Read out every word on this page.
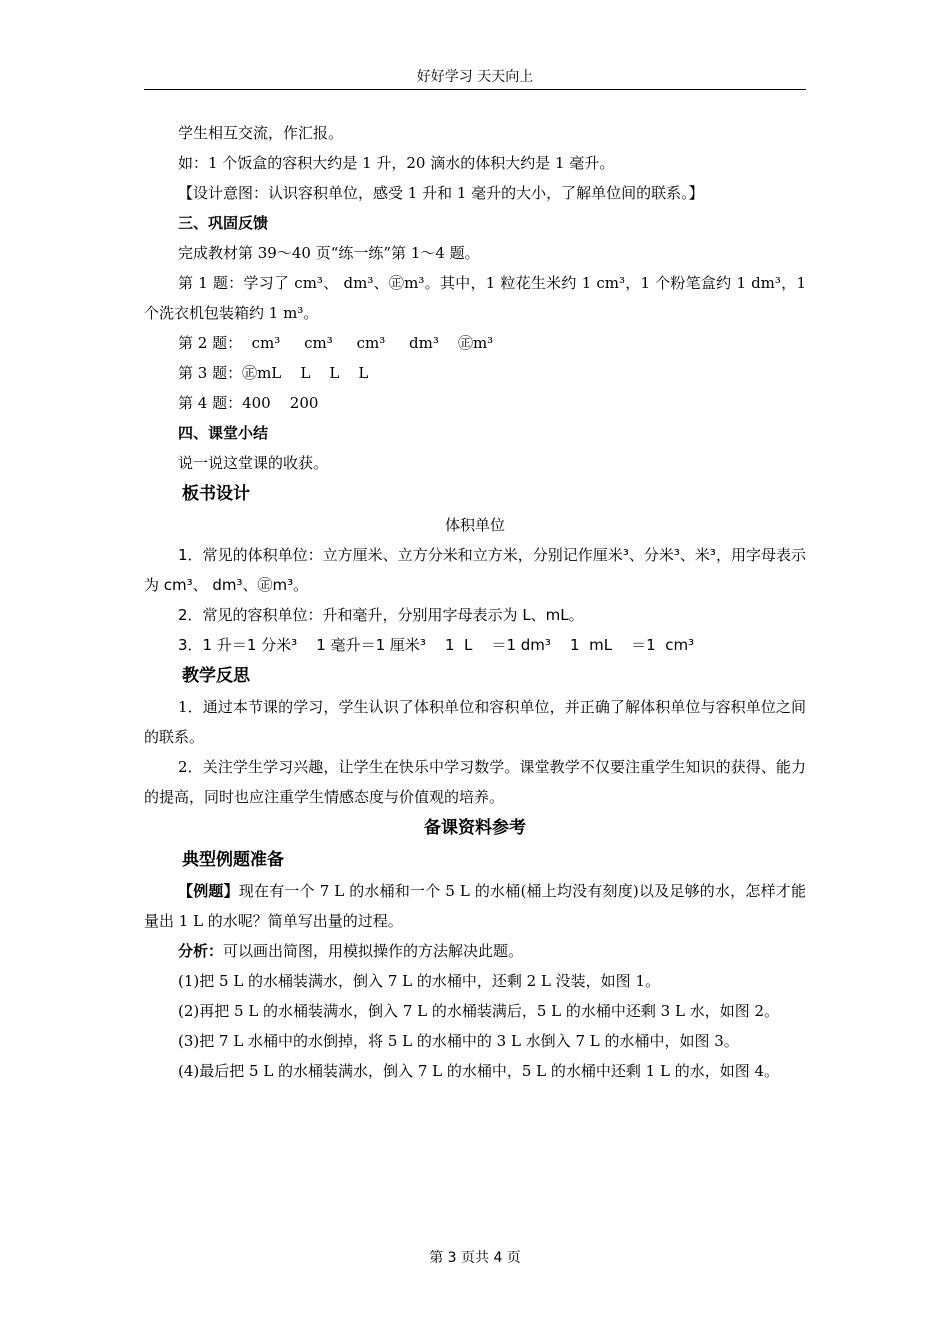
好好学习 天天向上

学生相互交流，作汇报。

如：1 个饭盒的容积大约是 1 升，20 滴水的体积大约是 1 毫升。

【设计意图：认识容积单位，感受 1 升和 1 毫升的大小，了解单位间的联系。】

三、巩固反馈

完成教材第 39～40 页“练一练”第 1～4 题。

第 1 题：学习了 cm³、 dm³、㊣m³。其中，1 粒花生米约 1 cm³，1 个粉笔盒约 1 dm³，1 个洗衣机包装箱约 1 m³。

第 2 题：  cm³     cm³     cm³     dm³    ㊣m³

第 3 题：㊣mL    L    L    L

第 4 题：400    200

四、课堂小结

说一说这堂课的收获。

板书设计

体积单位

1．常见的体积单位：立方厘米、立方分米和立方米，分别记作厘米³、分米³、米³，用字母表示为 cm³、 dm³、㊣m³。

2．常见的容积单位：升和毫升，分别用字母表示为 L、mL。

3．1 升＝1 分米³    1 毫升＝1 厘米³    1  L    ＝1 dm³    1  mL    ＝1  cm³

教学反思

1．通过本节课的学习，学生认识了体积单位和容积单位，并正确了解体积单位与容积单位之间的联系。

2．关注学生学习兴趣，让学生在快乐中学习数学。课堂教学不仅要注重学生知识的获得、能力的提高，同时也应注重学生情感态度与价值观的培养。

备课资料参考

典型例题准备

【例题】现在有一个 7 L 的水桶和一个 5 L 的水桶(桶上均没有刻度)以及足够的水，怎样才能量出 1 L 的水呢？简单写出量的过程。

分析：可以画出简图，用模拟操作的方法解决此题。

(1)把 5 L 的水桶装满水，倒入 7 L 的水桶中，还剩 2 L 没装，如图 1。

(2)再把 5 L 的水桶装满水，倒入 7 L 的水桶装满后，5 L 的水桶中还剩 3 L 水，如图 2。

(3)把 7 L 水桶中的水倒掉，将 5 L 的水桶中的 3 L 水倒入 7 L 的水桶中，如图 3。

(4)最后把 5 L 的水桶装满水，倒入 7 L 的水桶中，5 L 的水桶中还剩 1 L 的水，如图 4。

第 3 页共 4 页
